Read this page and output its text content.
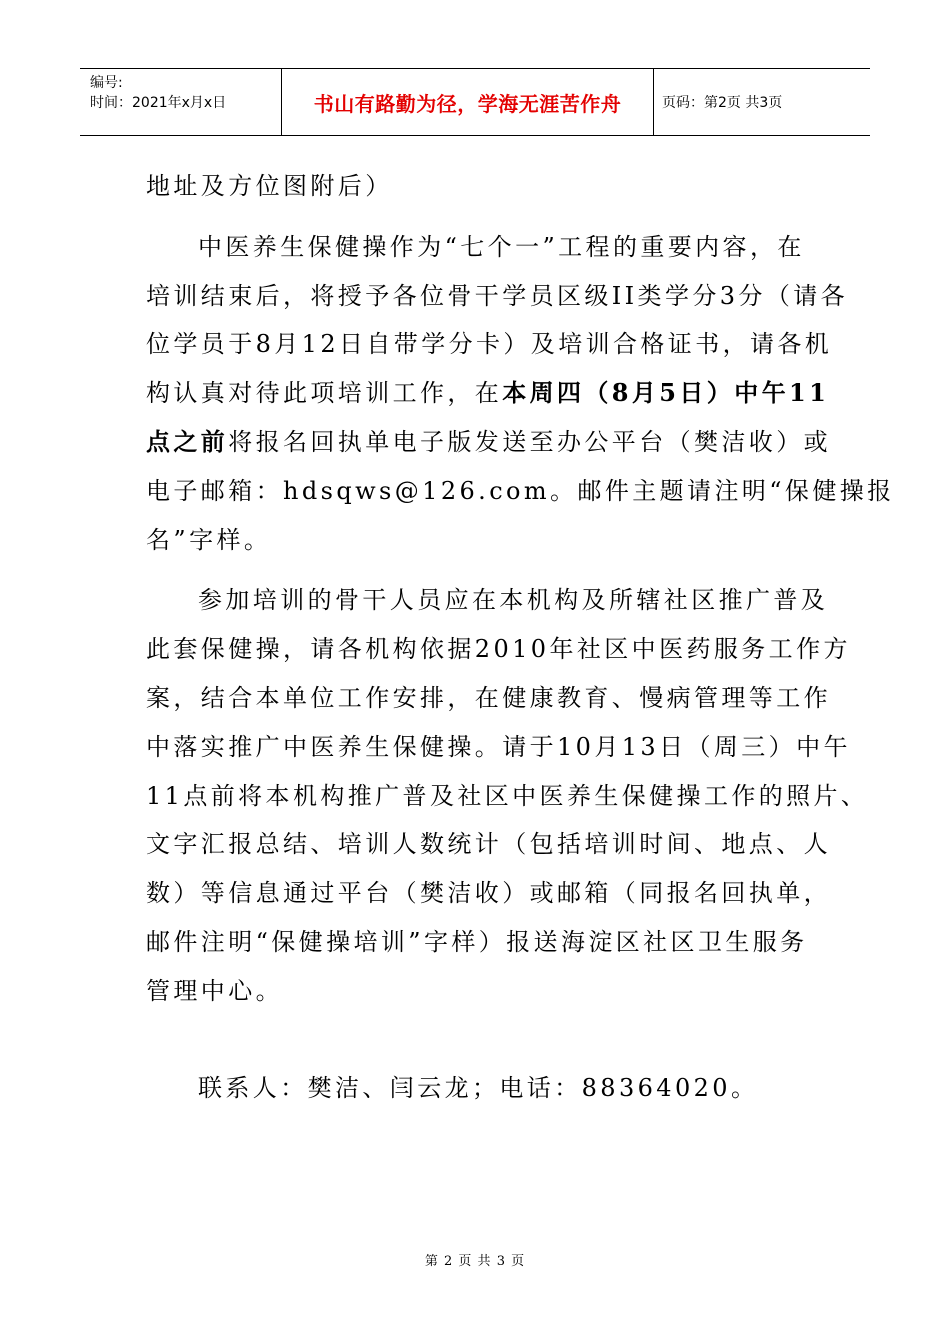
编号:
时间：2021年x月x日	书山有路勤为径，学海无涯苦作舟	页码：第2页 共3页
地址及方位图附后）
中医养生保健操作为“七个一”工程的重要内容，在
培训结束后，将授予各位骨干学员区级II类学分3分（请各
位学员于8月12日自带学分卡）及培训合格证书，请各机
构认真对待此项培训工作，在本周四（8月5日）中午11
点之前将报名回执单电子版发送至办公平台（樊洁收）或
电子邮箱：hdsqws@126.com。邮件主题请注明“保健操报
名”字样。
参加培训的骨干人员应在本机构及所辖社区推广普及
此套保健操，请各机构依据2010年社区中医药服务工作方
案，结合本单位工作安排，在健康教育、慢病管理等工作
中落实推广中医养生保健操。请于10月13日（周三）中午
11点前将本机构推广普及社区中医养生保健操工作的照片、
文字汇报总结、培训人数统计（包括培训时间、地点、人
数）等信息通过平台（樊洁收）或邮箱（同报名回执单，
邮件注明“保健操培训”字样）报送海淀区社区卫生服务
管理中心。
联系人：樊洁、闫云龙；电话：88364020。
第 2 页 共 3 页
